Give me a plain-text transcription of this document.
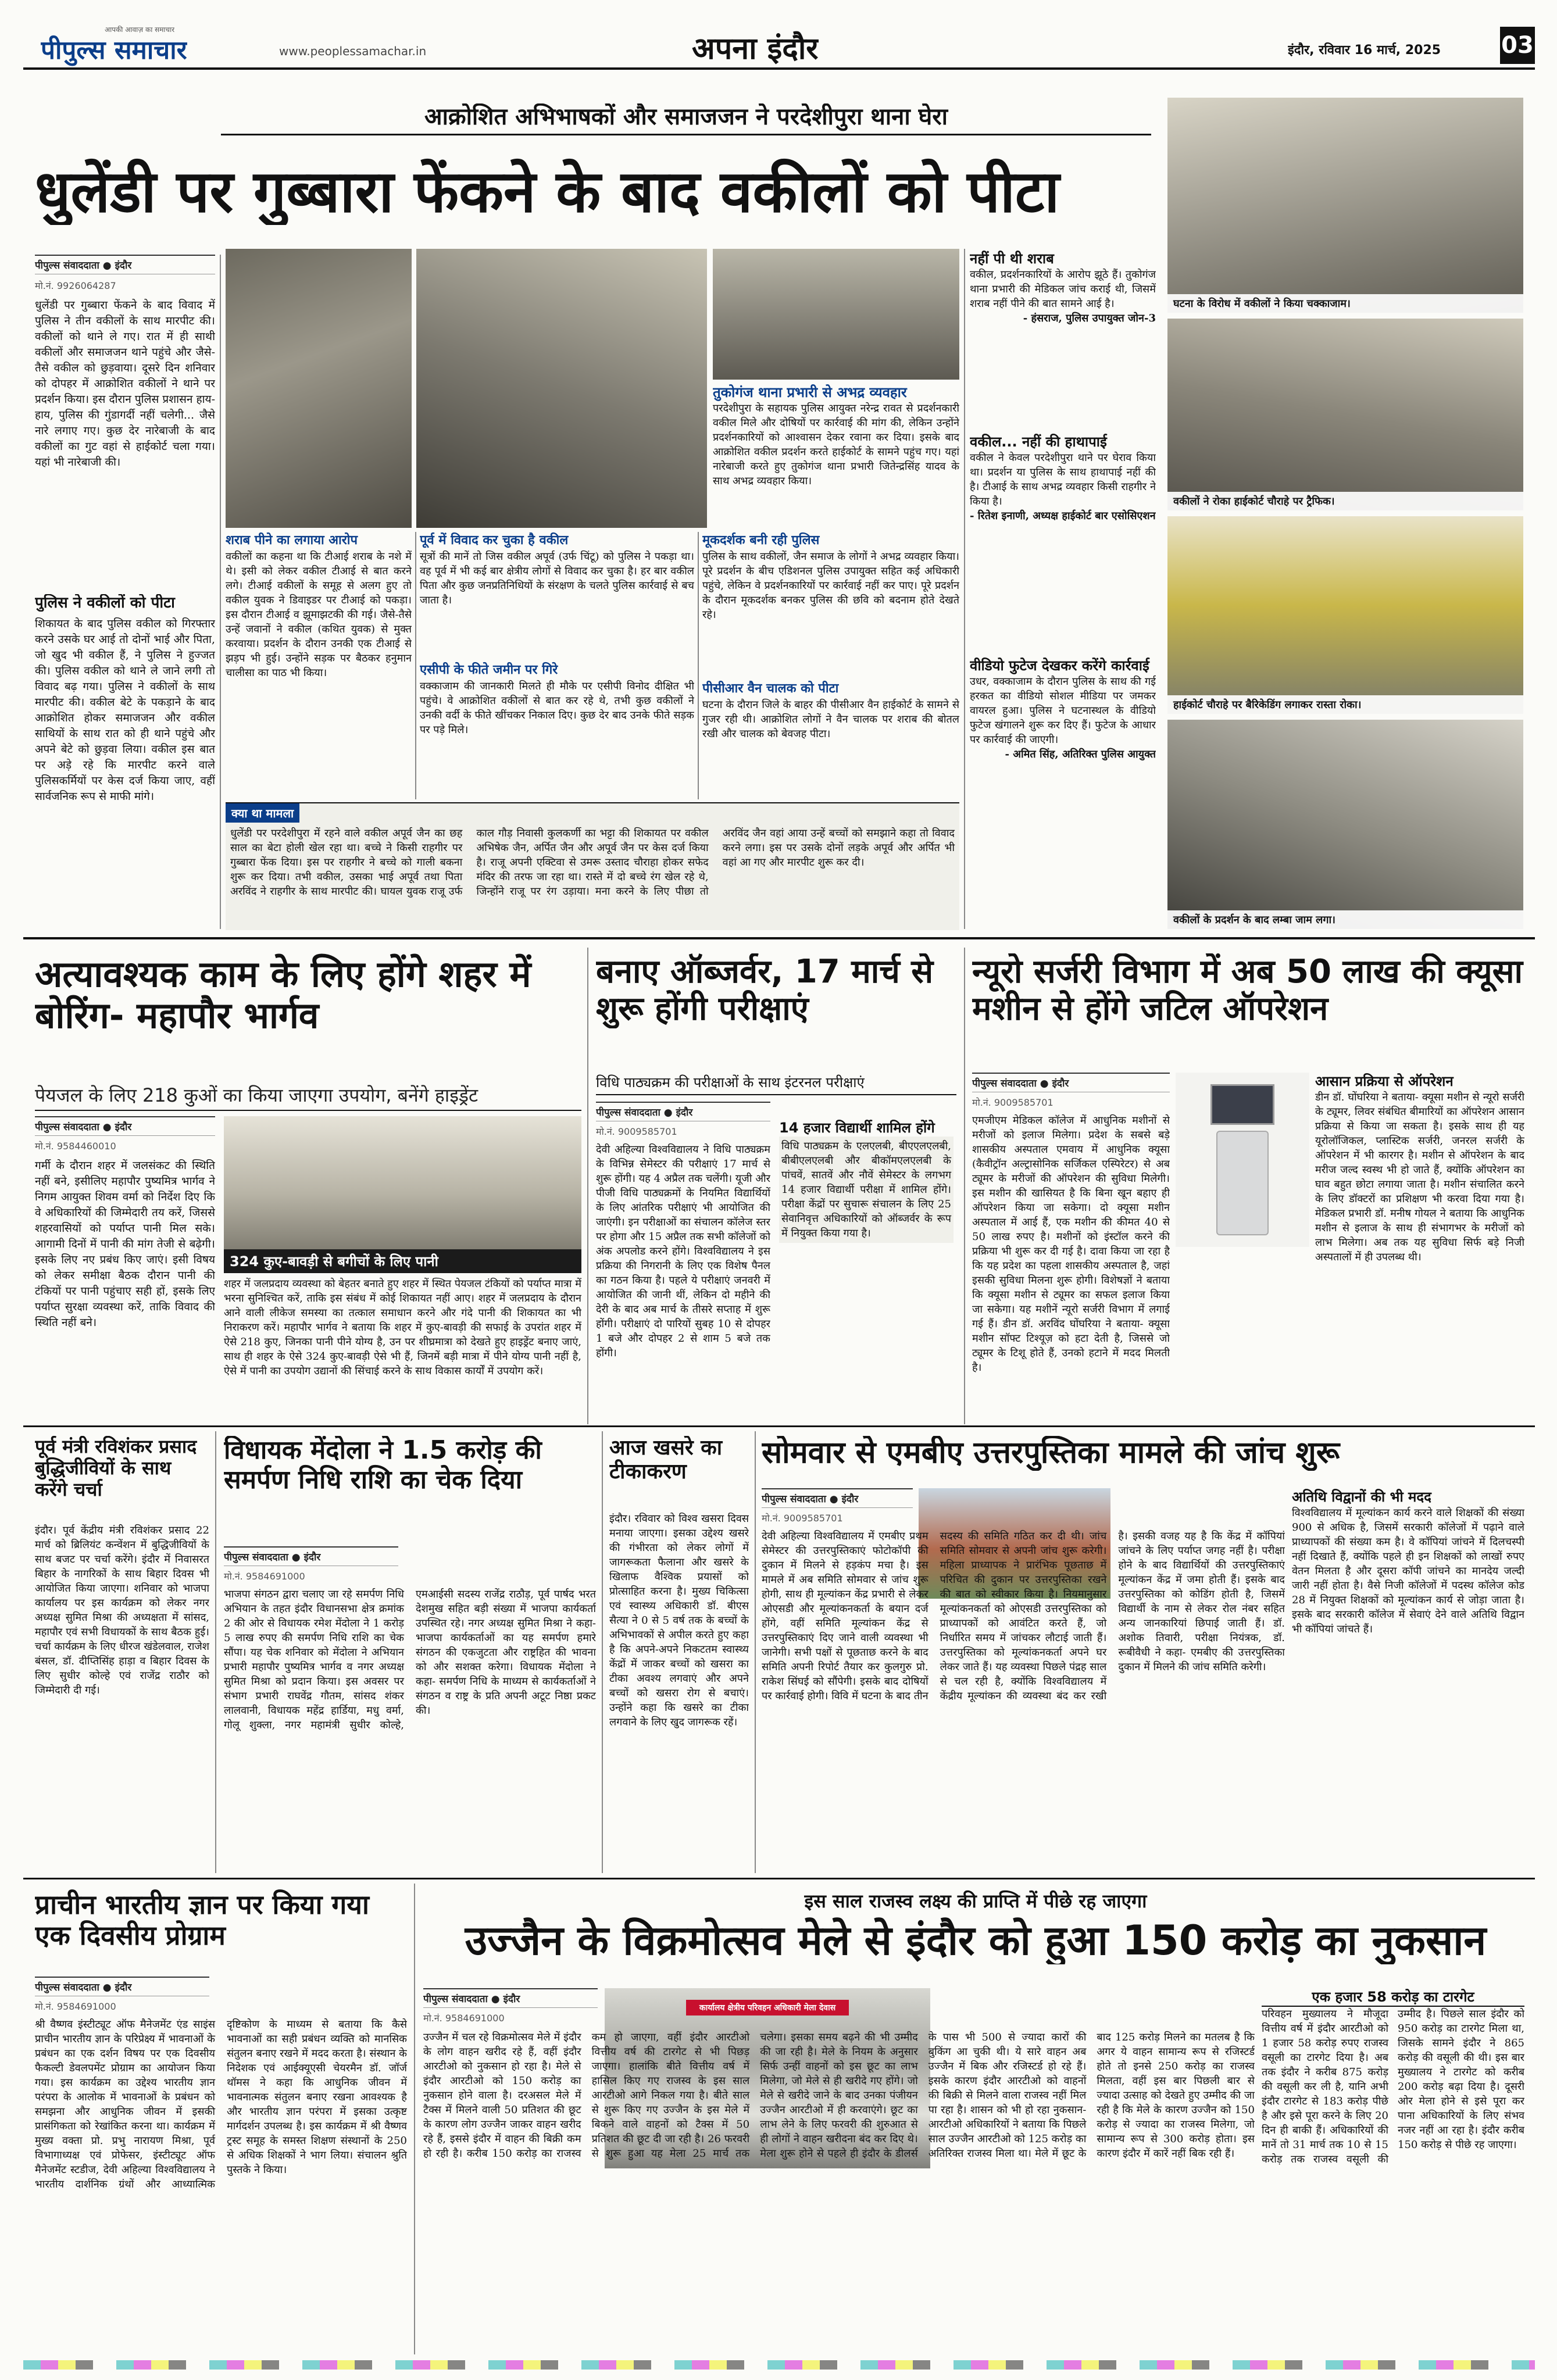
आपकी आवाज़ का समाचार
पीपुल्स समाचार	www.peoplessamachar.in	अपना इंदौर	इंदौर, रविवार 16 मार्च, 2025	03
आक्रोशित अभिभाषकों और समाजजन ने परदेशीपुरा थाना घेरा
धुलेंडी पर गुब्बारा फेंकने के बाद वकीलों को पीटा
पीपुल्स संवाददाता ● इंदौर
मो.नं. 9926064287
धुलेंडी पर गुब्बारा फेंकने के बाद विवाद में पुलिस ने तीन वकीलों के साथ मारपीट की। वकीलों को थाने ले गए। रात में ही साथी वकीलों और समाजजन थाने पहुंचे और जैसे-तैसे वकील को छुड़वाया। दूसरे दिन शनिवार को दोपहर में आक्रोशित वकीलों ने थाने पर प्रदर्शन किया। इस दौरान पुलिस प्रशासन हाय-हाय, पुलिस की गुंडागर्दी नहीं चलेगी... जैसे नारे लगाए गए। कुछ देर नारेबाजी के बाद वकीलों का गुट वहां से हाईकोर्ट चला गया। यहां भी नारेबाजी की।
पुलिस ने वकीलों को पीटा
शिकायत के बाद पुलिस वकील को गिरफ्तार करने उसके घर आई तो दोनों भाई और पिता, जो खुद भी वकील हैं, ने पुलिस ने हुज्जत की। पुलिस वकील को थाने ले जाने लगी तो विवाद बढ़ गया। पुलिस ने वकीलों के साथ मारपीट की। वकील बेटे के पकड़ाने के बाद आक्रोशित होकर समाजजन और वकील साथियों के साथ रात को ही थाने पहुंचे और अपने बेटे को छुड़वा लिया। वकील इस बात पर अड़े रहे कि मारपीट करने वाले पुलिसकर्मियों पर केस दर्ज किया जाए, वहीं सार्वजनिक रूप से माफी मांगे।
तुकोगंज थाना प्रभारी से अभद्र व्यवहार
परदेशीपुरा के सहायक पुलिस आयुक्त नरेन्द्र रावत से प्रदर्शनकारी वकील मिले और दोषियों पर कार्रवाई की मांग की, लेकिन उन्होंने प्रदर्शनकारियों को आश्वासन देकर रवाना कर दिया। इसके बाद आक्रोशित वकील प्रदर्शन करते हाईकोर्ट के सामने पहुंच गए। यहां नारेबाजी करते हुए तुकोगंज थाना प्रभारी जितेन्द्रसिंह यादव के साथ अभद्र व्यवहार किया।
शराब पीने का लगाया आरोप
वकीलों का कहना था कि टीआई शराब के नशे में थे। इसी को लेकर वकील टीआई से बात करने लगे। टीआई वकीलों के समूह से अलग हुए तो वकील युवक ने डिवाइडर पर टीआई को पकड़ा। इस दौरान टीआई व झूमाझटकी की गई। जैसे-तैसे उन्हें जवानों ने वकील (कथित युवक) से मुक्त करवाया। प्रदर्शन के दौरान उनकी एक टीआई से झड़प भी हुई। उन्होंने सड़क पर बैठकर हनुमान चालीसा का पाठ भी किया।
पूर्व में विवाद कर चुका है वकील
सूत्रों की मानें तो जिस वकील अपूर्व (उर्फ चिंटू) को पुलिस ने पकड़ा था। वह पूर्व में भी कई बार क्षेत्रीय लोगों से विवाद कर चुका है। हर बार वकील पिता और कुछ जनप्रतिनिधियों के संरक्षण के चलते पुलिस कार्रवाई से बच जाता है।
एसीपी के फीते जमीन पर गिरे
वक्काजाम की जानकारी मिलते ही मौके पर एसीपी विनोद दीक्षित भी पहुंचे। वे आक्रोशित वकीलों से बात कर रहे थे, तभी कुछ वकीलों ने उनकी वर्दी के फीते खींचकर निकाल दिए। कुछ देर बाद उनके फीते सड़क पर पड़े मिले।
मूकदर्शक बनी रही पुलिस
पुलिस के साथ वकीलों, जैन समाज के लोगों ने अभद्र व्यवहार किया। पूरे प्रदर्शन के बीच एडिशनल पुलिस उपायुक्त सहित कई अधिकारी पहुंचे, लेकिन वे प्रदर्शनकारियों पर कार्रवाई नहीं कर पाए। पूरे प्रदर्शन के दौरान मूकदर्शक बनकर पुलिस की छवि को बदनाम होते देखते रहे।
पीसीआर वैन चालक को पीटा
घटना के दौरान जिले के बाहर की पीसीआर वैन हाईकोर्ट के सामने से गुजर रही थी। आक्रोशित लोगों ने वैन चालक पर शराब की बोतल रखी और चालक को बेवजह पीटा।
क्या था मामला
धुलेंडी पर परदेशीपुरा में रहने वाले वकील अपूर्व जैन का छह साल का बेटा होली खेल रहा था। बच्चे ने किसी राहगीर पर गुब्बारा फेंक दिया। इस पर राहगीर ने बच्चे को गाली बकना शुरू कर दिया। तभी वकील, उसका भाई अपूर्व तथा पिता अरविंद ने राहगीर के साथ मारपीट की। घायल युवक राजू उर्फ काल गौड़ निवासी कुलकर्णी का भट्टा की शिकायत पर वकील अभिषेक जैन, अर्पित जैन और अपूर्व जैन पर केस दर्ज किया है। राजू अपनी एक्टिवा से उमरू उस्ताद चौराहा होकर सफेद मंदिर की तरफ जा रहा था। रास्ते में दो बच्चे रंग खेल रहे थे, जिन्होंने राजू पर रंग उड़ाया। मना करने के लिए पीछा तो अरविंद जैन वहां आया उन्हें बच्चों को समझाने कहा तो विवाद करने लगा। इस पर उसके दोनों लड़के अपूर्व और अर्पित भी वहां आ गए और मारपीट शुरू कर दी।
नहीं पी थी शराब
वकील, प्रदर्शनकारियों के आरोप झूठे हैं। तुकोगंज थाना प्रभारी की मेडिकल जांच कराई थी, जिसमें शराब नहीं पीने की बात सामने आई है।
- हंसराज, पुलिस उपायुक्त जोन-3
वकील... नहीं की हाथापाई
वकील ने केवल परदेशीपुरा थाने पर घेराव किया था। प्रदर्शन या पुलिस के साथ हाथापाई नहीं की है। टीआई के साथ अभद्र व्यवहार किसी राहगीर ने किया है।
- रितेश इनाणी, अध्यक्ष हाईकोर्ट बार एसोसिएशन
वीडियो फुटेज देखकर करेंगे कार्रवाई
उधर, वक्काजाम के दौरान पुलिस के साथ की गई हरकत का वीडियो सोशल मीडिया पर जमकर वायरल हुआ। पुलिस ने घटनास्थल के वीडियो फुटेज खंगालने शुरू कर दिए हैं। फुटेज के आधार पर कार्रवाई की जाएगी।
- अमित सिंह, अतिरिक्त पुलिस आयुक्त
घटना के विरोध में वकीलों ने किया चक्काजाम।
वकीलों ने रोका हाईकोर्ट चौराहे पर ट्रैफिक।
हाईकोर्ट चौराहे पर बैरिकेडिंग लगाकर रास्ता रोका।
वकीलों के प्रदर्शन के बाद लम्बा जाम लगा।
अत्यावश्यक काम के लिए होंगे शहर में बोरिंग- महापौर भार्गव
पेयजल के लिए 218 कुओं का किया जाएगा उपयोग, बनेंगे हाइड्रेंट
पीपुल्स संवाददाता ● इंदौर
मो.नं. 9584460010
गर्मी के दौरान शहर में जलसंकट की स्थिति नहीं बने, इसीलिए महापौर पुष्यमित्र भार्गव ने निगम आयुक्त शिवम वर्मा को निर्देश दिए कि वे अधिकारियों की जिम्मेदारी तय करें, जिससे शहरवासियों को पर्याप्त पानी मिल सके। आगामी दिनों में पानी की मांग तेजी से बढ़ेगी। इसके लिए नए प्रबंध किए जाएं। इसी विषय को लेकर समीक्षा बैठक दौरान पानी की टंकियों पर पानी पहुंचाए सही हों, इसके लिए पर्याप्त सुरक्षा व्यवस्था करें, ताकि विवाद की स्थिति नहीं बने।
324 कुए-बावड़ी से बगीचों के लिए पानी
शहर में जलप्रदाय व्यवस्था को बेहतर बनाते हुए शहर में स्थित पेयजल टंकियों को पर्याप्त मात्रा में भरना सुनिश्चित करें, ताकि इस संबंध में कोई शिकायत नहीं आए। शहर में जलप्रदाय के दौरान आने वाली लीकेज समस्या का तत्काल समाधान करने और गंदे पानी की शिकायत का भी निराकरण करें। महापौर भार्गव ने बताया कि शहर में कुए-बावड़ी की सफाई के उपरांत शहर में ऐसे 218 कुए, जिनका पानी पीने योग्य है, उन पर शीघ्रमात्रा को देखते हुए हाइड्रेंट बनाए जाएं, साथ ही शहर के ऐसे 324 कुए-बावड़ी ऐसे भी हैं, जिनमें बड़ी मात्रा में पीने योग्य पानी नहीं है, ऐसे में पानी का उपयोग उद्यानों की सिंचाई करने के साथ विकास कार्यों में उपयोग करें।
बनाए ऑब्जर्वर, 17 मार्च से शुरू होंगी परीक्षाएं
विधि पाठ्यक्रम की परीक्षाओं के साथ इंटरनल परीक्षाएं
पीपुल्स संवाददाता ● इंदौर
मो.नं. 9009585701
देवी अहिल्या विश्वविद्यालय ने विधि पाठ्यक्रम के विभिन्न सेमेस्टर की परीक्षाएं 17 मार्च से शुरू होंगी। यह 4 अप्रैल तक चलेंगी। यूजी और पीजी विधि पाठ्यक्रमों के नियमित विद्यार्थियों के लिए आंतरिक परीक्षाएं भी आयोजित की जाएंगी। इन परीक्षाओं का संचालन कॉलेज स्तर पर होगा और 15 अप्रैल तक सभी कॉलेजों को अंक अपलोड करने होंगे। विश्वविद्यालय ने इस प्रक्रिया की निगरानी के लिए एक विशेष पैनल का गठन किया है। पहले ये परीक्षाएं जनवरी में आयोजित की जानी थीं, लेकिन दो महीने की देरी के बाद अब मार्च के तीसरे सप्ताह में शुरू होंगी। परीक्षाएं दो पारियों सुबह 10 से दोपहर 1 बजे और दोपहर 2 से शाम 5 बजे तक होंगी।
14 हजार विद्यार्थी शामिल होंगे
विधि पाठ्यक्रम के एलएलबी, बीएएलएलबी, बीबीएलएलबी और बीकॉमएलएलबी के पांचवें, सातवें और नौवें सेमेस्टर के लगभग 14 हजार विद्यार्थी परीक्षा में शामिल होंगे। परीक्षा केंद्रों पर सुचारू संचालन के लिए 25 सेवानिवृत्त अधिकारियों को ऑब्जर्वर के रूप में नियुक्त किया गया है।
न्यूरो सर्जरी विभाग में अब 50 लाख की क्यूसा मशीन से होंगे जटिल ऑपरेशन
पीपुल्स संवाददाता ● इंदौर
मो.नं. 9009585701
एमजीएम मेडिकल कॉलेज में आधुनिक मशीनों से मरीजों को इलाज मिलेगा। प्रदेश के सबसे बड़े शासकीय अस्पताल एमवाय में आधुनिक क्यूसा (कैवीट्रॉन अल्ट्रासोनिक सर्जिकल एस्पिरेटर) से अब ट्यूमर के मरीजों की ऑपरेशन की सुविधा मिलेगी। इस मशीन की खासियत है कि बिना खून बहाए ही ऑपरेशन किया जा सकेगा। दो क्यूसा मशीन अस्पताल में आई हैं, एक मशीन की कीमत 40 से 50 लाख रुपए है। मशीनों को इंस्टॉल करने की प्रक्रिया भी शुरू कर दी गई है। दावा किया जा रहा है कि यह प्रदेश का पहला शासकीय अस्पताल है, जहां इसकी सुविधा मिलना शुरू होगी। विशेषज्ञों ने बताया कि क्यूसा मशीन से ट्यूमर का सफल इलाज किया जा सकेगा। यह मशीनें न्यूरो सर्जरी विभाग में लगाई गई हैं। डीन डॉ. अरविंद घोंघरिया ने बताया- क्यूसा मशीन सॉफ्ट टिश्यूज़ को हटा देती है, जिससे जो ट्यूमर के टिशू होते हैं, उनको हटाने में मदद मिलती है।
आसान प्रक्रिया से ऑपरेशन
डीन डॉ. घोंघरिया ने बताया- क्यूसा मशीन से न्यूरो सर्जरी के ट्यूमर, लिवर संबंधित बीमारियों का ऑपरेशन आसान प्रक्रिया से किया जा सकता है। इसके साथ ही यह यूरोलॉजिकल, प्लास्टिक सर्जरी, जनरल सर्जरी के ऑपरेशन में भी कारगर है। मशीन से ऑपरेशन के बाद मरीज जल्द स्वस्थ भी हो जाते हैं, क्योंकि ऑपरेशन का घाव बहुत छोटा लगाया जाता है। मशीन संचालित करने के लिए डॉक्टरों का प्रशिक्षण भी करवा दिया गया है। मेडिकल प्रभारी डॉ. मनीष गोयल ने बताया कि आधुनिक मशीन से इलाज के साथ ही संभागभर के मरीजों को लाभ मिलेगा। अब तक यह सुविधा सिर्फ बड़े निजी अस्पतालों में ही उपलब्ध थी।
पूर्व मंत्री रविशंकर प्रसाद बुद्धिजीवियों के साथ करेंगे चर्चा
इंदौर। पूर्व केंद्रीय मंत्री रविशंकर प्रसाद 22 मार्च को ब्रिलियंट कन्वेंशन में बुद्धिजीवियों के साथ बजट पर चर्चा करेंगे। इंदौर में निवासरत बिहार के नागरिकों के साथ बिहार दिवस भी आयोजित किया जाएगा। शनिवार को भाजपा कार्यालय पर इस कार्यक्रम को लेकर नगर अध्यक्ष सुमित मिश्रा की अध्यक्षता में सांसद, महापौर एवं सभी विधायकों के साथ बैठक हुई। चर्चा कार्यक्रम के लिए धीरज खंडेलवाल, राजेश बंसल, डॉ. दीप्तिसिंह हाड़ा व बिहार दिवस के लिए सुधीर कोल्हे एवं राजेंद्र राठौर को जिम्मेदारी दी गई।
विधायक मेंदोला ने 1.5 करोड़ की समर्पण निधि राशि का चेक दिया
पीपुल्स संवाददाता ● इंदौर
मो.नं. 9584691000
भाजपा संगठन द्वारा चलाए जा रहे समर्पण निधि अभियान के तहत इंदौर विधानसभा क्षेत्र क्रमांक 2 की ओर से विधायक रमेश मेंदोला ने 1 करोड़ 5 लाख रुपए की समर्पण निधि राशि का चेक सौंपा। यह चेक शनिवार को मेंदोला ने अभियान प्रभारी महापौर पुष्यमित्र भार्गव व नगर अध्यक्ष सुमित मिश्रा को प्रदान किया। इस अवसर पर संभाग प्रभारी राघवेंद्र गौतम, सांसद शंकर लालवानी, विधायक महेंद्र हार्डिया, मधु वर्मा, गोलू शुक्ला, नगर महामंत्री सुधीर कोल्हे, एमआईसी सदस्य राजेंद्र राठौड़, पूर्व पार्षद भरत देशमुख सहित बड़ी संख्या में भाजपा कार्यकर्ता उपस्थित रहे। नगर अध्यक्ष सुमित मिश्रा ने कहा- भाजपा कार्यकर्ताओं का यह समर्पण हमारे संगठन की एकजुटता और राष्ट्रहित की भावना को और सशक्त करेगा। विधायक मेंदोला ने कहा- समर्पण निधि के माध्यम से कार्यकर्ताओं ने संगठन व राष्ट्र के प्रति अपनी अटूट निष्ठा प्रकट की।
आज खसरे का टीकाकरण
इंदौर। रविवार को विश्व खसरा दिवस मनाया जाएगा। इसका उद्देश्य खसरे की गंभीरता को लेकर लोगों में जागरूकता फैलाना और खसरे के खिलाफ वैश्विक प्रयासों को प्रोत्साहित करना है। मुख्य चिकित्सा एवं स्वास्थ्य अधिकारी डॉ. बीएस सैत्या ने 0 से 5 वर्ष तक के बच्चों के अभिभावकों से अपील करते हुए कहा है कि अपने-अपने निकटतम स्वास्थ्य केंद्रों में जाकर बच्चों को खसरा का टीका अवश्य लगवाएं और अपने बच्चों को खसरा रोग से बचाएं। उन्होंने कहा कि खसरे का टीका लगवाने के लिए खुद जागरूक रहें।
सोमवार से एमबीए उत्तरपुस्तिका मामले की जांच शुरू
पीपुल्स संवाददाता ● इंदौर
मो.नं. 9009585701
देवी अहिल्या विश्वविद्यालय में एमबीए प्रथम सेमेस्टर की उत्तरपुस्तिकाएं फोटोकॉपी की दुकान में मिलने से हड़कंप मचा है। इस मामले में अब समिति सोमवार से जांच शुरू होगी, साथ ही मूल्यांकन केंद्र प्रभारी से लेकर ओएसडी और मूल्यांकनकर्ता के बयान दर्ज होंगे, वहीं समिति मूल्यांकन केंद्र से उत्तरपुस्तिकाएं दिए जाने वाली व्यवस्था भी जानेगी। सभी पक्षों से पूछताछ करने के बाद समिति अपनी रिपोर्ट तैयार कर कुलगुरु प्रो. राकेश सिंघई को सौंपेगी। इसके बाद दोषियों पर कार्रवाई होगी। विवि में घटना के बाद तीन सदस्य की समिति गठित कर दी थी। जांच समिति सोमवार से अपनी जांच शुरू करेगी। महिला प्राध्यापक ने प्रारंभिक पूछताछ में परिचित की दुकान पर उत्तरपुस्तिका रखने की बात को स्वीकार किया है। नियमानुसार मूल्यांकनकर्ता को ओएसडी उत्तरपुस्तिका को प्राध्यापकों को आवंटित करते हैं, जो निर्धारित समय में जांचकर लौटाई जाती हैं। उत्तरपुस्तिका को मूल्यांकनकर्ता अपने घर लेकर जाते हैं। यह व्यवस्था पिछले पंद्रह साल से चल रही है, क्योंकि विश्वविद्यालय में केंद्रीय मूल्यांकन की व्यवस्था बंद कर रखी है। इसकी वजह यह है कि केंद्र में कॉपियां जांचने के लिए पर्याप्त जगह नहीं है। परीक्षा होने के बाद विद्यार्थियों की उत्तरपुस्तिकाएं मूल्यांकन केंद्र में जमा होती हैं। इसके बाद उत्तरपुस्तिका को कोडिंग होती है, जिसमें विद्यार्थी के नाम से लेकर रोल नंबर सहित अन्य जानकारियां छिपाई जाती हैं। डॉ. अशोक तिवारी, परीक्षा नियंत्रक, डॉ. रूबीवैधी ने कहा- एमबीए की उत्तरपुस्तिका दुकान में मिलने की जांच समिति करेगी।
अतिथि विद्वानों की भी मदद
विश्वविद्यालय में मूल्यांकन कार्य करने वाले शिक्षकों की संख्या 900 से अधिक है, जिसमें सरकारी कॉलेजों में पढ़ाने वाले प्राध्यापकों की संख्या कम है। वे कॉपियां जांचने में दिलचस्पी नहीं दिखाते हैं, क्योंकि पहले ही इन शिक्षकों को लाखों रुपए वेतन मिलता है और दूसरा कॉपी जांचने का मानदेय जल्दी जारी नहीं होता है। वैसे निजी कॉलेजों में पदस्थ कॉलेज कोड 28 में नियुक्त शिक्षकों को मूल्यांकन कार्य से जोड़ा जाता है। इसके बाद सरकारी कॉलेज में सेवाएं देने वाले अतिथि विद्वान भी कॉपियां जांचते हैं।
प्राचीन भारतीय ज्ञान पर किया गया एक दिवसीय प्रोग्राम
पीपुल्स संवाददाता ● इंदौर
मो.नं. 9584691000
श्री वैष्णव इंस्टीट्यूट ऑफ मैनेजमेंट एंड साइंस प्राचीन भारतीय ज्ञान के परिप्रेक्ष्य में भावनाओं के प्रबंधन का एक दर्शन विषय पर एक दिवसीय फैकल्टी डेवलपमेंट प्रोग्राम का आयोजन किया गया। इस कार्यक्रम का उद्देश्य भारतीय ज्ञान परंपरा के आलोक में भावनाओं के प्रबंधन को समझना और आधुनिक जीवन में इसकी प्रासंगिकता को रेखांकित करना था। कार्यक्रम में मुख्य वक्ता प्रो. प्रभु नारायण मिश्रा, पूर्व विभागाध्यक्ष एवं प्रोफेसर, इंस्टीट्यूट ऑफ मैनेजमेंट स्टडीज, देवी अहिल्या विश्वविद्यालय ने भारतीय दार्शनिक ग्रंथों और आध्यात्मिक दृष्टिकोण के माध्यम से बताया कि कैसे भावनाओं का सही प्रबंधन व्यक्ति को मानसिक संतुलन बनाए रखने में मदद करता है। संस्थान के निदेशक एवं आईक्यूएसी चेयरमैन डॉ. जॉर्ज थॉमस ने कहा कि आधुनिक जीवन में भावनात्मक संतुलन बनाए रखना आवश्यक है और भारतीय ज्ञान परंपरा में इसका उत्कृष्ट मार्गदर्शन उपलब्ध है। इस कार्यक्रम में श्री वैष्णव ट्रस्ट समूह के समस्त शिक्षण संस्थानों के 250 से अधिक शिक्षकों ने भाग लिया। संचालन श्रुति पुस्तके ने किया।
इस साल राजस्व लक्ष्य की प्राप्ति में पीछे रह जाएगा
उज्जैन के विक्रमोत्सव मेले से इंदौर को हुआ 150 करोड़ का नुकसान
पीपुल्स संवाददाता ● इंदौर
मो.नं. 9584691000
कार्यालय क्षेत्रीय परिवहन अधिकारी मेला देवास
उज्जैन में चल रहे विक्रमोत्सव मेले में इंदौर के लोग वाहन खरीद रहे हैं, वहीं इंदौर आरटीओ को नुकसान हो रहा है। मेले से इंदौर आरटीओ को 150 करोड़ का नुकसान होने वाला है। दरअसल मेले में टैक्स में मिलने वाली 50 प्रतिशत की छूट के कारण लोग उज्जैन जाकर वाहन खरीद रहे हैं, इससे इंदौर में वाहन की बिक्री कम हो रही है। करीब 150 करोड़ का राजस्व कम हो जाएगा, वहीं इंदौर आरटीओ वित्तीय वर्ष की टारगेट से भी पिछड़ जाएगा। हालांकि बीते वित्तीय वर्ष में हासिल किए गए राजस्व के इस साल आरटीओ आगे निकल गया है। बीते साल से शुरू किए गए उज्जैन के इस मेले में बिकने वाले वाहनों को टैक्स में 50 प्रतिशत की छूट दी जा रही है। 26 फरवरी से शुरू हुआ यह मेला 25 मार्च तक चलेगा। इसका समय बढ़ने की भी उम्मीद की जा रही है। मेले के नियम के अनुसार सिर्फ उन्हीं वाहनों को इस छूट का लाभ मिलेगा, जो मेले से ही खरीदे गए होंगे। जो मेले से खरीदे जाने के बाद उनका पंजीयन उज्जैन आरटीओ में ही करवाएंगे। छूट का लाभ लेने के लिए फरवरी की शुरुआत से ही लोगों ने वाहन खरीदना बंद कर दिए थे। मेला शुरू होने से पहले ही इंदौर के डीलर्स के पास भी 500 से ज्यादा कारों की बुकिंग आ चुकी थी। ये सारे वाहन अब उज्जैन में बिक और रजिस्टर्ड हो रहे हैं। इसके कारण इंदौर आरटीओ को वाहनों की बिक्री से मिलने वाला राजस्व नहीं मिल पा रहा है। शासन को भी हो रहा नुकसान- आरटीओ अधिकारियों ने बताया कि पिछले साल उज्जैन आरटीओ को 125 करोड़ का अतिरिक्त राजस्व मिला था। मेले में छूट के बाद 125 करोड़ मिलने का मतलब है कि अगर ये वाहन सामान्य रूप से रजिस्टर्ड होते तो इनसे 250 करोड़ का राजस्व मिलता, वहीं इस बार पिछली बार से ज्यादा उत्साह को देखते हुए उम्मीद की जा रही है कि मेले के कारण उज्जैन को 150 करोड़ से ज्यादा का राजस्व मिलेगा, जो सामान्य रूप से 300 करोड़ होता। इस कारण इंदौर में कारें नहीं बिक रही हैं।
एक हजार 58 करोड़ का टारगेट
परिवहन मुख्यालय ने मौजूदा वित्तीय वर्ष में इंदौर आरटीओ को 1 हजार 58 करोड़ रुपए राजस्व वसूली का टारगेट दिया है। अब तक इंदौर ने करीब 875 करोड़ की वसूली कर ली है, यानि अभी इंदौर टारगेट से 183 करोड़ पीछे है और इसे पूरा करने के लिए 20 दिन ही बाकी हैं। अधिकारियों की मानें तो 31 मार्च तक 10 से 15 करोड़ तक राजस्व वसूली की उम्मीद है। पिछले साल इंदौर को 950 करोड़ का टारगेट मिला था, जिसके सामने इंदौर ने 865 करोड़ की वसूली की थी। इस बार मुख्यालय ने टारगेट को करीब 200 करोड़ बढ़ा दिया है। दूसरी ओर मेला होने से इसे पूरा कर पाना अधिकारियों के लिए संभव नजर नहीं आ रहा है। इंदौर करीब 150 करोड़ से पीछे रह जाएगा।
